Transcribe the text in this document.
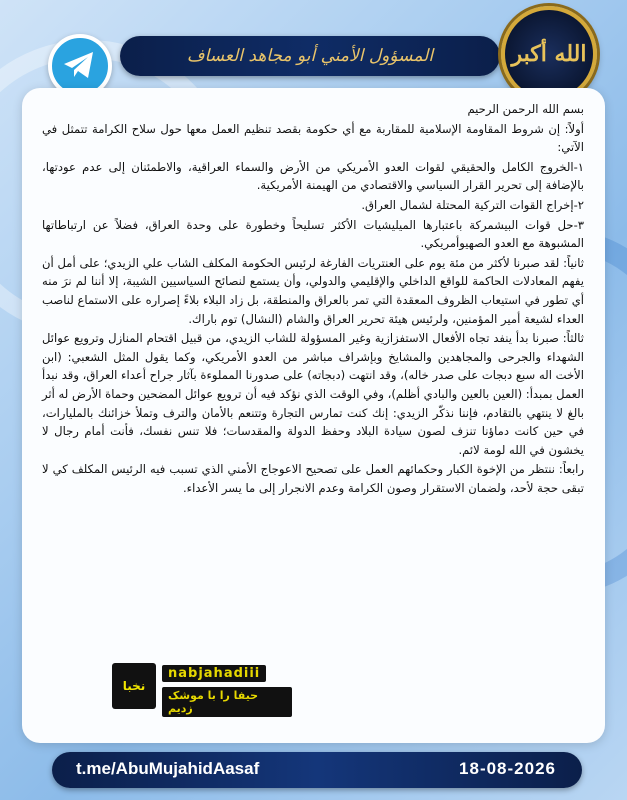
المسؤول الأمني أبو مجاهد العساف	الله أكبر

بسم الله الرحمن الرحيم

أولاً: إن شروط المقاومة الإسلامية للمقاربة مع أي حكومة بقصد تنظيم العمل معها حول سلاح الكرامة تتمثل في الآتي:

١-الخروج الكامل والحقيقي لقوات العدو الأمريكي من الأرض والسماء العراقية، والاطمئنان إلى عدم عودتها، بالإضافة إلى تحرير القرار السياسي والاقتصادي من الهيمنة الأمريكية.

٢-إخراج القوات التركية المحتلة لشمال العراق.

٣-حل قوات البيشمركة باعتبارها الميليشيات الأكثر تسليحاً وخطورة على وحدة العراق، فضلاً عن ارتباطاتها المشبوهة مع العدو الصهيوأمريكي.

ثانياً: لقد صبرنا لأكثر من مئة يوم على العنتريات الفارغة لرئيس الحكومة المكلف الشاب علي الزيدي؛ على أمل أن يفهم المعادلات الحاكمة للواقع الداخلي والإقليمي والدولي، وأن يستمع لنصائح السياسيين الشيبة، إلا أننا لم نرَ منه أي تطور في استيعاب الظروف المعقدة التي تمر بالعراق والمنطقة، بل زاد البلاء بلاءً إصراره على الاستماع لناصب العداء لشيعة أمير المؤمنين، ولرئيس هيئة تحرير العراق والشام (النشال) توم باراك.

ثالثاً: صبرنا بدأ ينفد تجاه الأفعال الاستفزازية وغير المسؤولة للشاب الزيدي، من قبيل اقتحام المنازل وترويع عوائل الشهداء والجرحى والمجاهدين والمشايخ وبإشراف مباشر من العدو الأمريكي، وكما يقول المثل الشعبي: (ابن الأخت اله سبع دبجات على صدر خاله)، وقد انتهت (دبجاته) على صدورنا المملوءة بآثار جراح أعداء العراق، وقد نبدأ العمل بمبدأ: (العين بالعين والبادي أظلم)، وفي الوقت الذي نؤكد فيه أن ترويع عوائل المضحين وحماة الأرض له أثر بالغ لا ينتهي بالتقادم، فإننا نذكّر الزيدي: إنك كنت تمارس التجارة وتتنعم بالأمان والترف وتملأ خزائنك بالمليارات، في حين كانت دماؤنا تنزف لصون سيادة البلاد وحفظ الدولة والمقدسات؛ فلا تنس نفسك، فأنت أمام رجال لا يخشون في الله لومة لائم.

رابعاً: ننتظر من الإخوة الكبار وحكمائهم العمل على تصحيح الاعوجاج الأمني الذي تسبب فيه الرئيس المكلف كي لا تبقى حجة لأحد، ولضمان الاستقرار وصون الكرامة وعدم الانجرار إلى ما يسر الأعداء.

نخبا
nabjahadiii
حيفا را با موشک زدیم
t.me/AbuMujahidAasaf	18-08-2026
